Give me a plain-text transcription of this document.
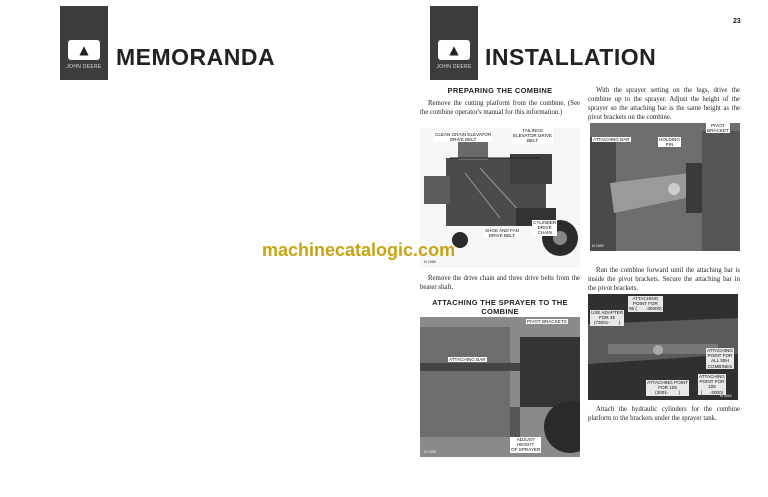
▲
JOHN DEERE MEMORANDA
23
▲
JOHN DEERE INSTALLATION
PREPARING THE COMBINE
Remove the cutting platform from the combine. (See the combine operator's manual for this information.)
CLEAN GRAIN ELEVATOR
DRIVE BELT
TAILINGS
ELEVATOR DRIVE
BELT
CYLINDER
DRIVE
CHAIN
SHOE AND FAN
DRIVE BELT
M 2986
Remove the drive chain and three drive belts from the beater shaft.
ATTACHING THE SPRAYER TO THE COMBINE
PIVOT BRACKETS
ATTACHING BAR
ADJUST
HEIGHT
OF SPRAYER
M 2988
With the sprayer setting on the legs, drive the combine up to the sprayer. Adjust the height of the sprayer so the attaching bar is the same height as the pivot brackets on the combine.
ATTACHING BAR	HOLDING
PIN
PIVOT
BRACKET
M 2989
Run the combine forward until the attaching bar is inside the pivot brackets. Secure the attaching bar in the pivot brackets.
ATTACHING
POINT FOR
95 (       -30000)
USE ADAPTER
FOR 45
(73001-       )
ATTACHING
POINT FOR
ALL 55H
COMBINES
ATTACHING POINT
FOR 105
(3001-        )
ATTACHING
POINT FOR
105
(      -3000)
M 3060
Attach the hydraulic cylinders for the combine platform to the brackets under the sprayer tank.
machinecatalogic.com
